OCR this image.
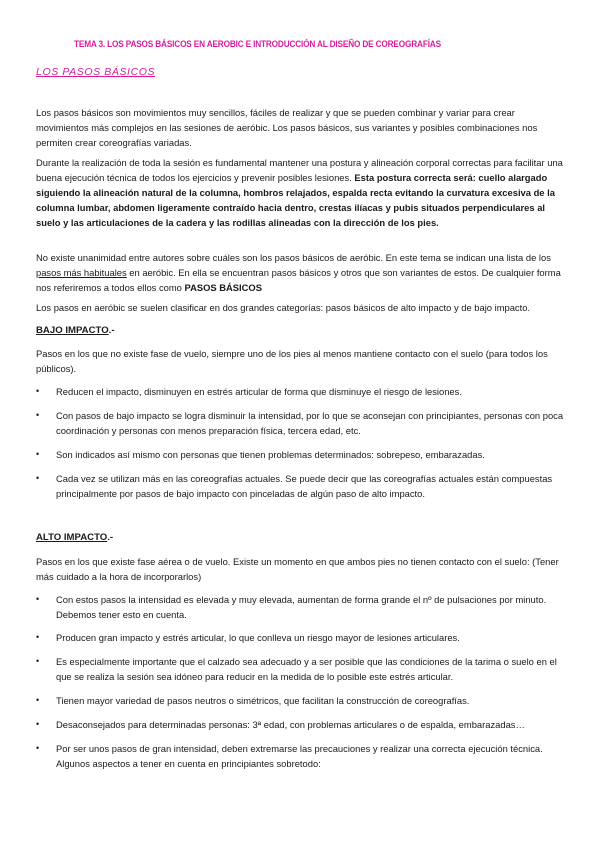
TEMA 3. LOS PASOS BÁSICOS EN AEROBIC E INTRODUCCIÓN AL DISEÑO DE COREOGRAFÍAS
LOS PASOS BÁSICOS
Los pasos básicos son movimientos muy sencillos, fáciles de realizar y que se pueden combinar y variar para crear movimientos más complejos en las sesiones de aeróbic. Los pasos básicos, sus variantes y posibles combinaciones nos permiten crear coreografías variadas.
Durante la realización de toda la sesión es fundamental mantener una postura y alineación corporal correctas para facilitar una buena ejecución técnica de todos los ejercicios y prevenir posibles lesiones. Esta postura correcta será: cuello alargado siguiendo la alineación natural de la columna, hombros relajados, espalda recta evitando la curvatura excesiva de la columna lumbar, abdomen ligeramente contraído hacia dentro, crestas ilíacas y pubis situados perpendiculares al suelo y las articulaciones de la cadera y las rodillas alineadas con la dirección de los pies.
No existe unanimidad entre autores sobre cuáles son los pasos básicos de aeróbic. En este tema se indican una lista de los pasos más habituales en aeróbic. En ella se encuentran pasos básicos y otros que son variantes de estos. De cualquier forma nos referiremos a todos ellos como PASOS BÁSICOS
Los pasos en aeróbic se suelen clasificar en dos grandes categorías: pasos básicos de alto impacto y de bajo impacto.
BAJO IMPACTO.-
Pasos en los que no existe fase de vuelo, siempre uno de los pies al menos mantiene contacto con el suelo (para todos los públicos).
• Reducen el impacto, disminuyen en estrés articular de forma que disminuye el riesgo de lesiones.
• Con pasos de bajo impacto se logra disminuir la intensidad, por lo que se aconsejan con principiantes, personas con poca coordinación y personas con menos preparación física, tercera edad, etc.
• Son indicados así mismo con personas que tienen problemas determinados: sobrepeso, embarazadas.
• Cada vez se utilizan más en las coreografías actuales. Se puede decir que las coreografías actuales están compuestas principalmente por pasos de bajo impacto con pinceladas de algún paso de alto impacto.
ALTO IMPACTO.-
Pasos en los que existe fase aérea o de vuelo. Existe un momento en que ambos pies no tienen contacto con el suelo: (Tener más cuidado a la hora de incorporarlos)
• Con estos pasos la intensidad es elevada y muy elevada, aumentan de forma grande el nº de pulsaciones por minuto. Debemos tener esto en cuenta.
• Producen gran impacto y estrés articular, lo que conlleva un riesgo mayor de lesiones articulares.
• Es especialmente importante que el calzado sea adecuado y a ser posible que las condiciones de la tarima o suelo en el que se realiza la sesión sea idóneo para reducir en la medida de lo posible este estrés articular.
• Tienen mayor variedad de pasos neutros o simétricos, que facilitan la construcción de coreografías.
• Desaconsejados para determinadas personas: 3ª edad, con problemas articulares o de espalda, embarazadas…
• Por ser unos pasos de gran intensidad, deben extremarse las precauciones y realizar una correcta ejecución técnica. Algunos aspectos a tener en cuenta en principiantes sobretodo:
